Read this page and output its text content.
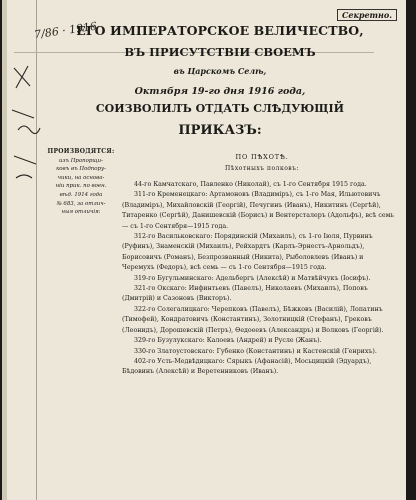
7/86 · 1916
Секретно.
ЕГО ИМПЕРАТОРСКОЕ ВЕЛИЧЕСТВО,
ВЪ ПРИСУТСТВІИ СВОЕМЪ
въ Царскомъ Селѣ,
Октября 19-го дня 1916 года,
СОИЗВОЛИЛЪ ОТДАТЬ СЛѢДУЮЩІЙ
ПРИКАЗЪ:
ПРОИЗВОДЯТСЯ:
изъ Прапорщи-
ковъ въ Подпору-
чики, на основа-
ніи прик. по воен.
вѣд. 1914 года
№ 683, за отлич-
ныя отличія:
ПО ПѢХОТѢ.
Пѣхотныхъ полковъ:

44-го Камчатскаго, Павленко (Николай), съ 1-го Сентября 1915 года.

311-го Кременецкаго: Артамоновъ (Владиміръ), съ 1-го Мая, Ильютовичъ (Владиміръ), Михайловскій (Георгій), Печугинъ (Иванъ), Никитинъ (Сергѣй), Титаренко (Сергѣй), Данишевскій (Борисъ) и Вентерсталеръ (Адольфъ), всѣ семь — съ 1-го Сентября—1915 года.

312-го Васильковскаго: Порядинскій (Михаилъ), съ 1-го Іюля, Пурвинъ (Руфинъ), Знаменскій (Михаилъ), Рейхардтъ (Карлъ-Эрнестъ-Арнольдъ), Борисовичъ (Романъ), Безпрозванный (Никита), Рыболовлевъ (Иванъ) и Черемухъ (Федоръ), всѣ семь — съ 1-го Сентября—1915 года.

319-го Бугульминскаго: Адельбергъ (Алексѣй) и Матвѣйчукъ (Іосифъ).

321-го Окскаго: Инфинтьевъ (Павелъ), Николаевъ (Михаилъ), Поповъ (Дмитрій) и Сазоновъ (Викторъ).

322-го Солегалицкаго: Черепковъ (Павелъ), Бѣжковъ (Василій), Лопатинъ (Тимофей), Кондратовичъ (Константинъ), Золотницкій (Стефанъ), Грековъ (Леонидъ), Дорошевскій (Петръ), Ѳедоеевъ (Александръ) и Волковъ (Георгій).

329-го Бузулукскаго: Калоевъ (Андрей) и Русле (Жанъ).

330-го Златоустовскаго: Губенко (Константинъ) и Кастенскій (Генрихъ).

402-го Усть-Медвѣдицкаго: Сярыкъ (Афанасій), Мосьцицкій (Эдуардъ), Бѣдовинъ (Алексѣй) и Веретенниковъ (Иванъ).
